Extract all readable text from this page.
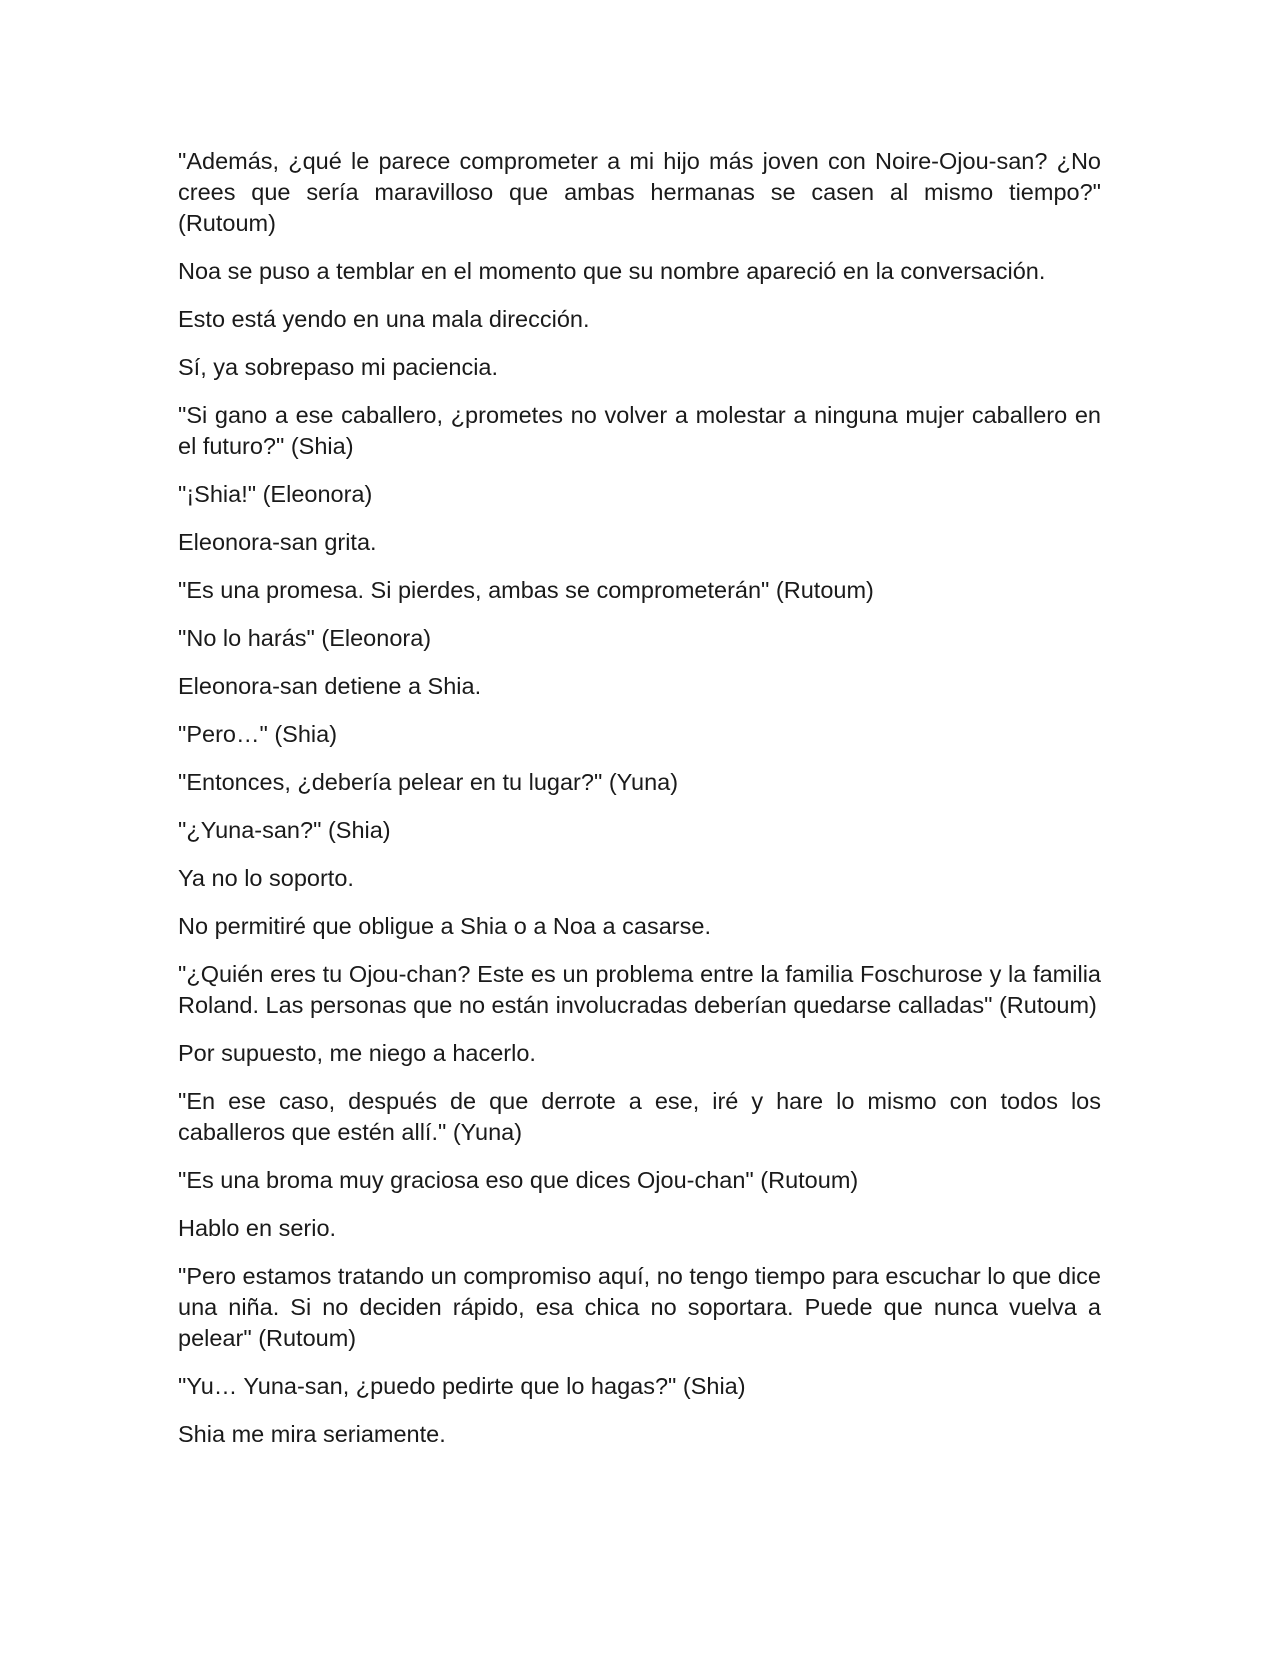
"Además, ¿qué le parece comprometer a mi hijo más joven con Noire-Ojou-san? ¿No crees que sería maravilloso que ambas hermanas se casen al mismo tiempo?" (Rutoum)

Noa se puso a temblar en el momento que su nombre apareció en la conversación.

Esto está yendo en una mala dirección.

Sí, ya sobrepaso mi paciencia.

"Si gano a ese caballero, ¿prometes no volver a molestar a ninguna mujer caballero en el futuro?" (Shia)

"¡Shia!" (Eleonora)

Eleonora-san grita.

"Es una promesa. Si pierdes, ambas se comprometerán" (Rutoum)

"No lo harás" (Eleonora)

Eleonora-san detiene a Shia.

"Pero…" (Shia)

"Entonces, ¿debería pelear en tu lugar?" (Yuna)

"¿Yuna-san?" (Shia)

Ya no lo soporto.

No permitiré que obligue a Shia o a Noa a casarse.

"¿Quién eres tu Ojou-chan? Este es un problema entre la familia Foschurose y la familia Roland. Las personas que no están involucradas deberían quedarse calladas" (Rutoum)

Por supuesto, me niego a hacerlo.

"En ese caso, después de que derrote a ese, iré y hare lo mismo con todos los caballeros que estén allí." (Yuna)

"Es una broma muy graciosa eso que dices Ojou-chan" (Rutoum)

Hablo en serio.

"Pero estamos tratando un compromiso aquí, no tengo tiempo para escuchar lo que dice una niña. Si no deciden rápido, esa chica no soportara. Puede que nunca vuelva a pelear" (Rutoum)

"Yu… Yuna-san, ¿puedo pedirte que lo hagas?" (Shia)

Shia me mira seriamente.
